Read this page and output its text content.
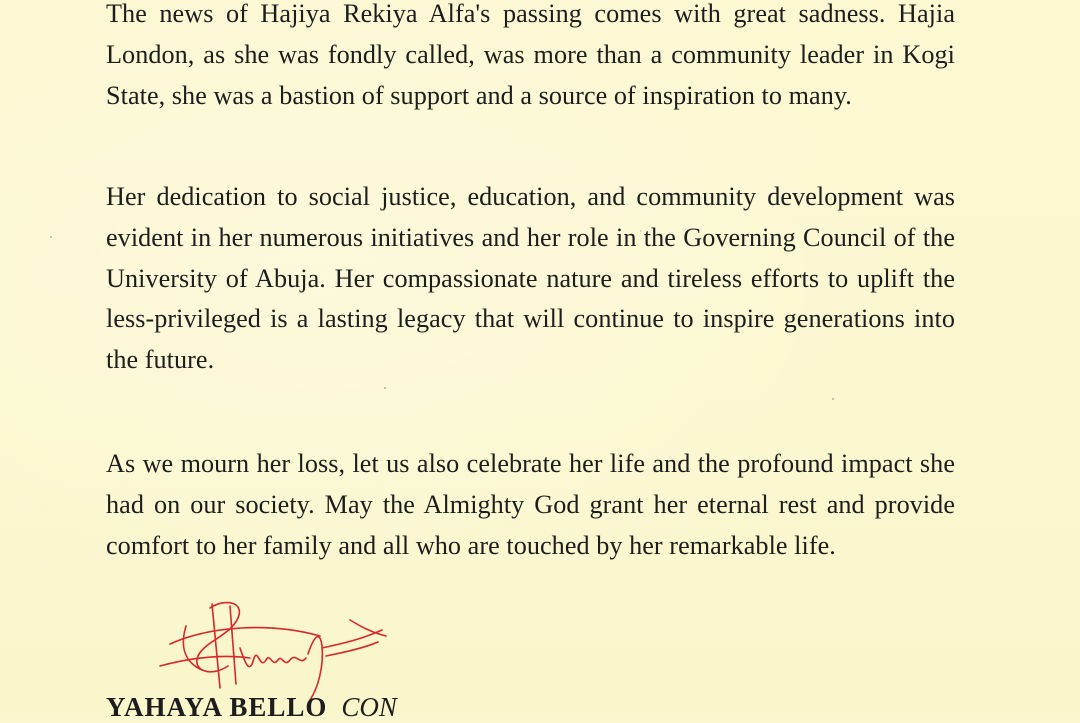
The news of Hajiya Rekiya Alfa's passing comes with great sadness. Hajia London, as she was fondly called, was more than a community leader in Kogi State, she was a bastion of support and a source of inspiration to many.

Her dedication to social justice, education, and community development was evident in her numerous initiatives and her role in the Governing Council of the University of Abuja. Her compassionate nature and tireless efforts to uplift the less-privileged is a lasting legacy that will continue to inspire generations into the future.

As we mourn her loss, let us also celebrate her life and the profound impact she had on our society. May the Almighty God grant her eternal rest and provide comfort to her family and all who are touched by her remarkable life.

YAHAYA BELLO CON
